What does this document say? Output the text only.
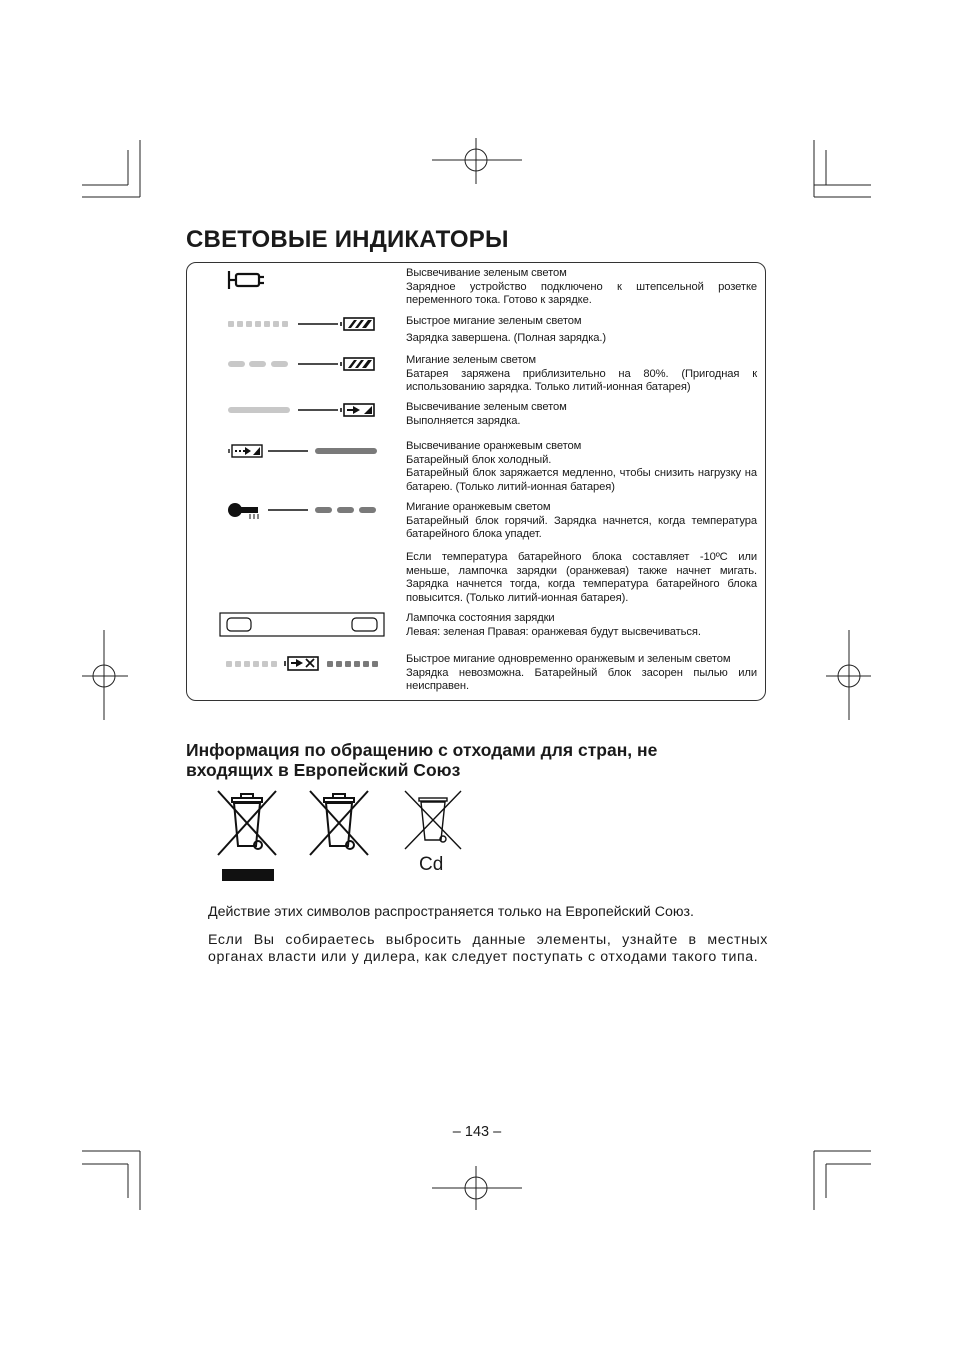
СВЕТОВЫЕ ИНДИКАТОРЫ

Высвечивание зеленым светом

Зарядное устройство подключено к штепсельной розетке переменного тока. Готово к зарядке.

Быстрое мигание зеленым светом

Зарядка завершена. (Полная зарядка.)

Мигание зеленым светом

Батарея заряжена приблизительно на 80%. (Пригодная к использованию зарядка. Только литий-ионная батарея)

Высвечивание зеленым светом

Выполняется зарядка.

Высвечивание оранжевым светом

Батарейный блок холодный.

Батарейный блок заряжается медленно, чтобы снизить нагрузку на батарею. (Только литий-ионная батарея)

Мигание оранжевым светом

Батарейный блок горячий. Зарядка начнется, когда температура батарейного блока упадет.

Если температура батарейного блока составляет -10ºC или меньше, лампочка зарядки (оранжевая) также начнет мигать. Зарядка начнется тогда, когда температура батарейного блока повысится. (Только литий-ионная батарея).

Лампочка состояния зарядки

Левая: зеленая Правая: оранжевая будут высвечиваться.

Быстрое мигание одновременно оранжевым и зеленым светом

Зарядка невозможна. Батарейный блок засорен пылью или неисправен.

Информация по обращению с отходами для стран, не входящих в Европейский Союз
Cd

Действие этих символов распространяется только на Европейский Союз.

Если Вы собираетесь выбросить данные элементы, узнайте в местных органах власти или у дилера, как следует поступать с отходами такого типа.

– 143 –
